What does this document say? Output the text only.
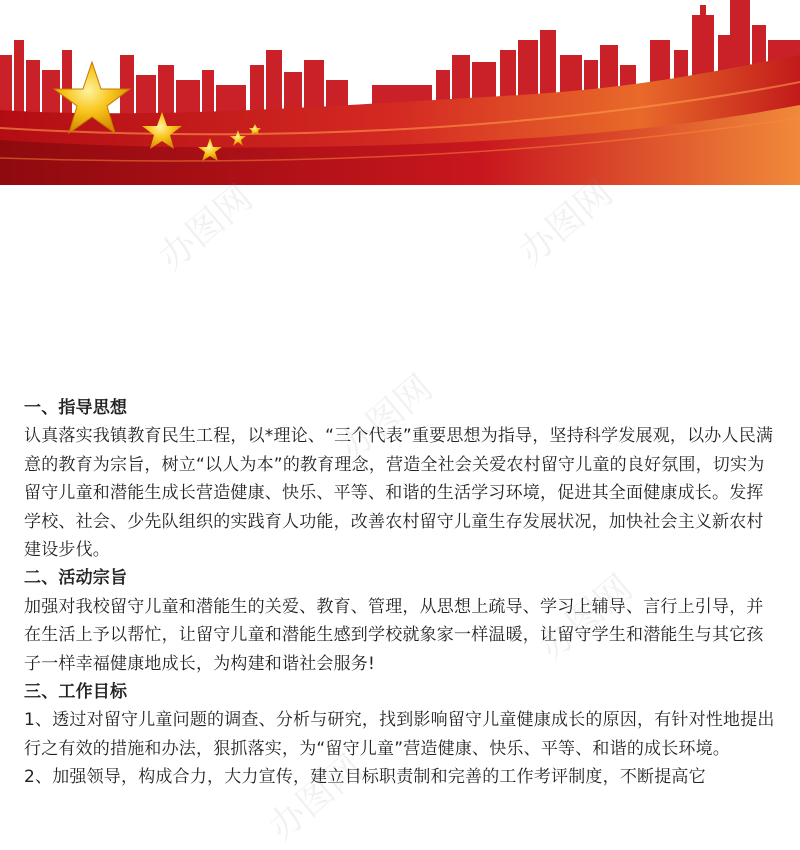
办图网	办图网
办图网
办图网
办图网
一、指导思想

认真落实我镇教育民生工程，以*理论、“三个代表”重要思想为指导，坚持科学发展观，以办人民满意的教育为宗旨，树立“以人为本”的教育理念，营造全社会关爱农村留守儿童的良好氛围，切实为留守儿童和潜能生成长营造健康、快乐、平等、和谐的生活学习环境，促进其全面健康成长。发挥学校、社会、少先队组织的实践育人功能，改善农村留守儿童生存发展状况，加快社会主义新农村建设步伐。

二、活动宗旨

加强对我校留守儿童和潜能生的关爱、教育、管理，从思想上疏导、学习上辅导、言行上引导，并在生活上予以帮忙，让留守儿童和潜能生感到学校就象家一样温暖，让留守学生和潜能生与其它孩子一样幸福健康地成长，为构建和谐社会服务!

三、工作目标

1、透过对留守儿童问题的调查、分析与研究，找到影响留守儿童健康成长的原因，有针对性地提出行之有效的措施和办法，狠抓落实，为“留守儿童”营造健康、快乐、平等、和谐的成长环境。

2、加强领导，构成合力，大力宣传，建立目标职责制和完善的工作考评制度，不断提高它
